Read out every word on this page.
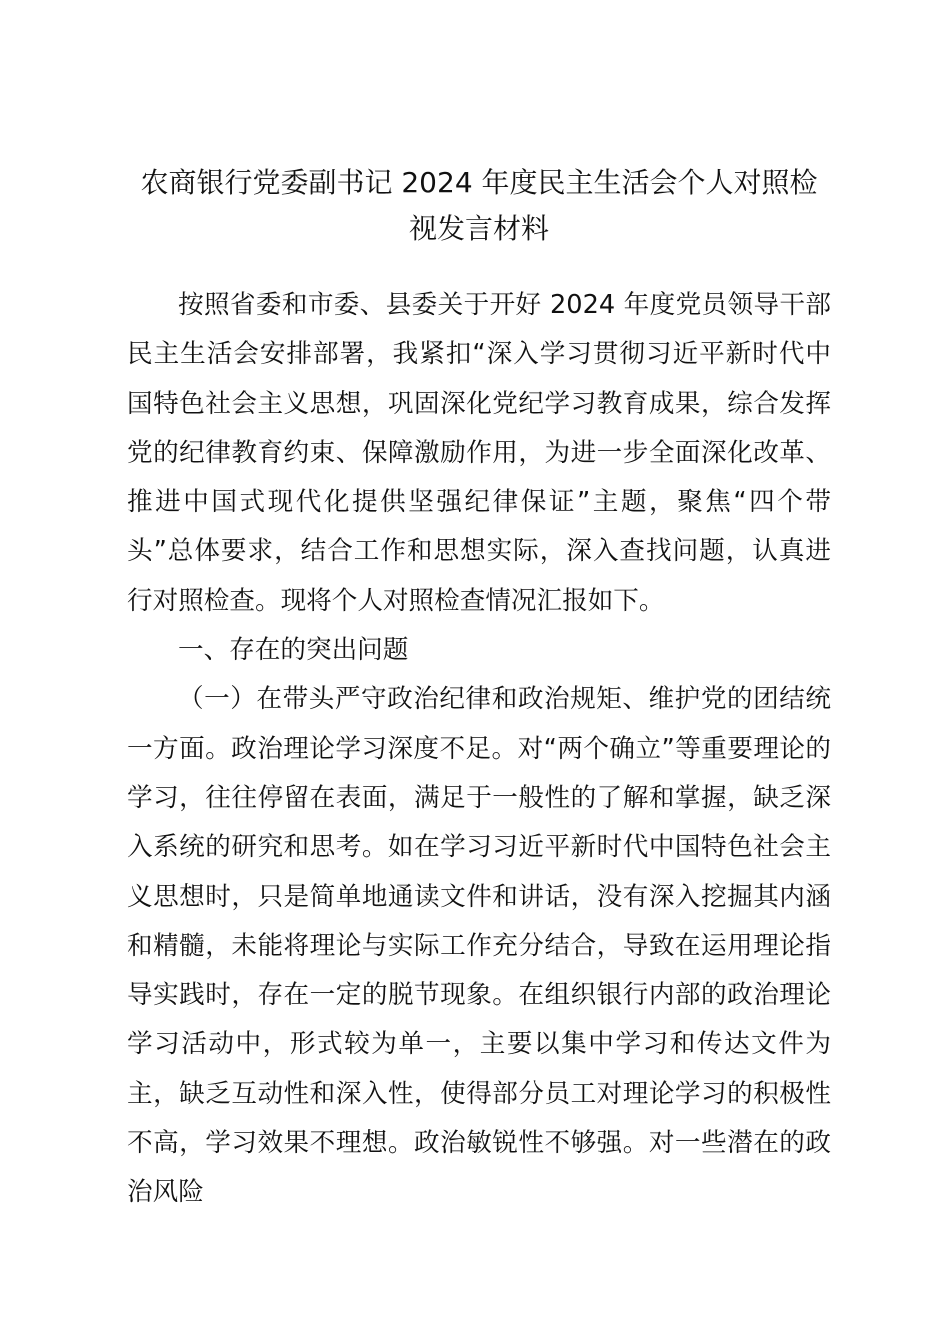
农商银行党委副书记 2024 年度民主生活会个人对照检
视发言材料

按照省委和市委、县委关于开好 2024 年度党员领导干部民主生活会安排部署，我紧扣“深入学习贯彻习近平新时代中国特色社会主义思想，巩固深化党纪学习教育成果，综合发挥党的纪律教育约束、保障激励作用，为进一步全面深化改革、推进中国式现代化提供坚强纪律保证”主题，聚焦“四个带头”总体要求，结合工作和思想实际，深入查找问题，认真进行对照检查。现将个人对照检查情况汇报如下。

一、存在的突出问题

（一）在带头严守政治纪律和政治规矩、维护党的团结统一方面。政治理论学习深度不足。对“两个确立”等重要理论的学习，往往停留在表面，满足于一般性的了解和掌握，缺乏深入系统的研究和思考。如在学习习近平新时代中国特色社会主义思想时，只是简单地通读文件和讲话，没有深入挖掘其内涵和精髓，未能将理论与实际工作充分结合，导致在运用理论指导实践时，存在一定的脱节现象。在组织银行内部的政治理论学习活动中，形式较为单一，主要以集中学习和传达文件为主，缺乏互动性和深入性，使得部分员工对理论学习的积极性不高，学习效果不理想。政治敏锐性不够强。对一些潜在的政治风险
